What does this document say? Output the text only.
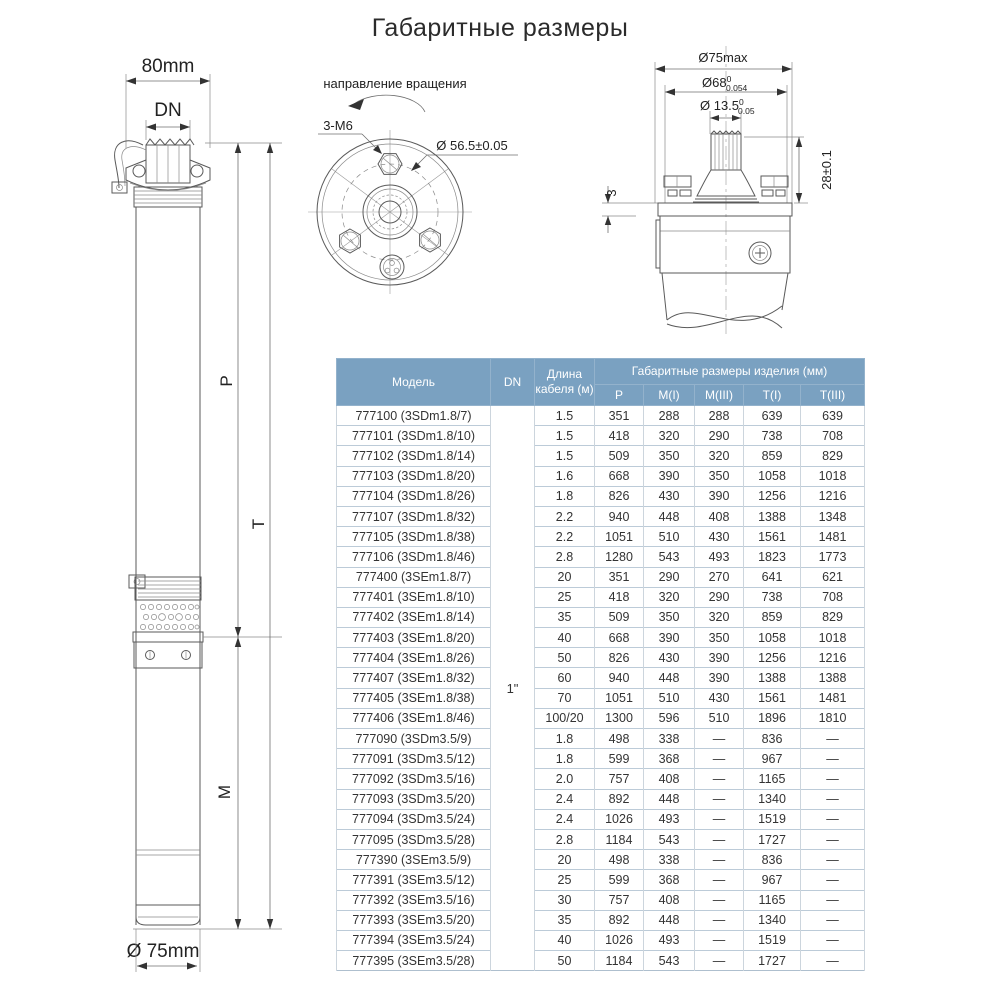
Габаритные размеры
80mm
DN
P
T
M
Ø 75mm
направление вращения
3-M6
Ø 56.5±0.05
Ø75max
$Ø68^0$ 0.054
Ø 13.5$^0$ 0.05
28±0.1
3
Модель	DN	Длина кабеля (м)	Габаритные размеры изделия (мм)				
			P	M(I)	M(III)	T(I)	T(III)
777100 (3SDm1.8/7)	1"	1.5	351	288	288	639	639
777101 (3SDm1.8/10)		1.5	418	320	290	738	708
777102 (3SDm1.8/14)		1.5	509	350	320	859	829
777103 (3SDm1.8/20)		1.6	668	390	350	1058	1018
777104 (3SDm1.8/26)		1.8	826	430	390	1256	1216
777107 (3SDm1.8/32)		2.2	940	448	408	1388	1348
777105 (3SDm1.8/38)		2.2	1051	510	430	1561	1481
777106 (3SDm1.8/46)		2.8	1280	543	493	1823	1773
777400 (3SEm1.8/7)		20	351	290	270	641	621
777401 (3SEm1.8/10)		25	418	320	290	738	708
777402 (3SEm1.8/14)		35	509	350	320	859	829
777403 (3SEm1.8/20)		40	668	390	350	1058	1018
777404 (3SEm1.8/26)		50	826	430	390	1256	1216
777407 (3SEm1.8/32)		60	940	448	390	1388	1388
777405 (3SEm1.8/38)		70	1051	510	430	1561	1481
777406 (3SEm1.8/46)		100/20	1300	596	510	1896	1810
777090 (3SDm3.5/9)		1.8	498	338	—	836	—
777091 (3SDm3.5/12)		1.8	599	368	—	967	—
777092 (3SDm3.5/16)		2.0	757	408	—	1165	—
777093 (3SDm3.5/20)		2.4	892	448	—	1340	—
777094 (3SDm3.5/24)		2.4	1026	493	—	1519	—
777095 (3SDm3.5/28)		2.8	1184	543	—	1727	—
777390 (3SEm3.5/9)		20	498	338	—	836	—
777391 (3SEm3.5/12)		25	599	368	—	967	—
777392 (3SEm3.5/16)		30	757	408	—	1165	—
777393 (3SEm3.5/20)		35	892	448	—	1340	—
777394 (3SEm3.5/24)		40	1026	493	—	1519	—
777395 (3SEm3.5/28)		50	1184	543	—	1727	—
